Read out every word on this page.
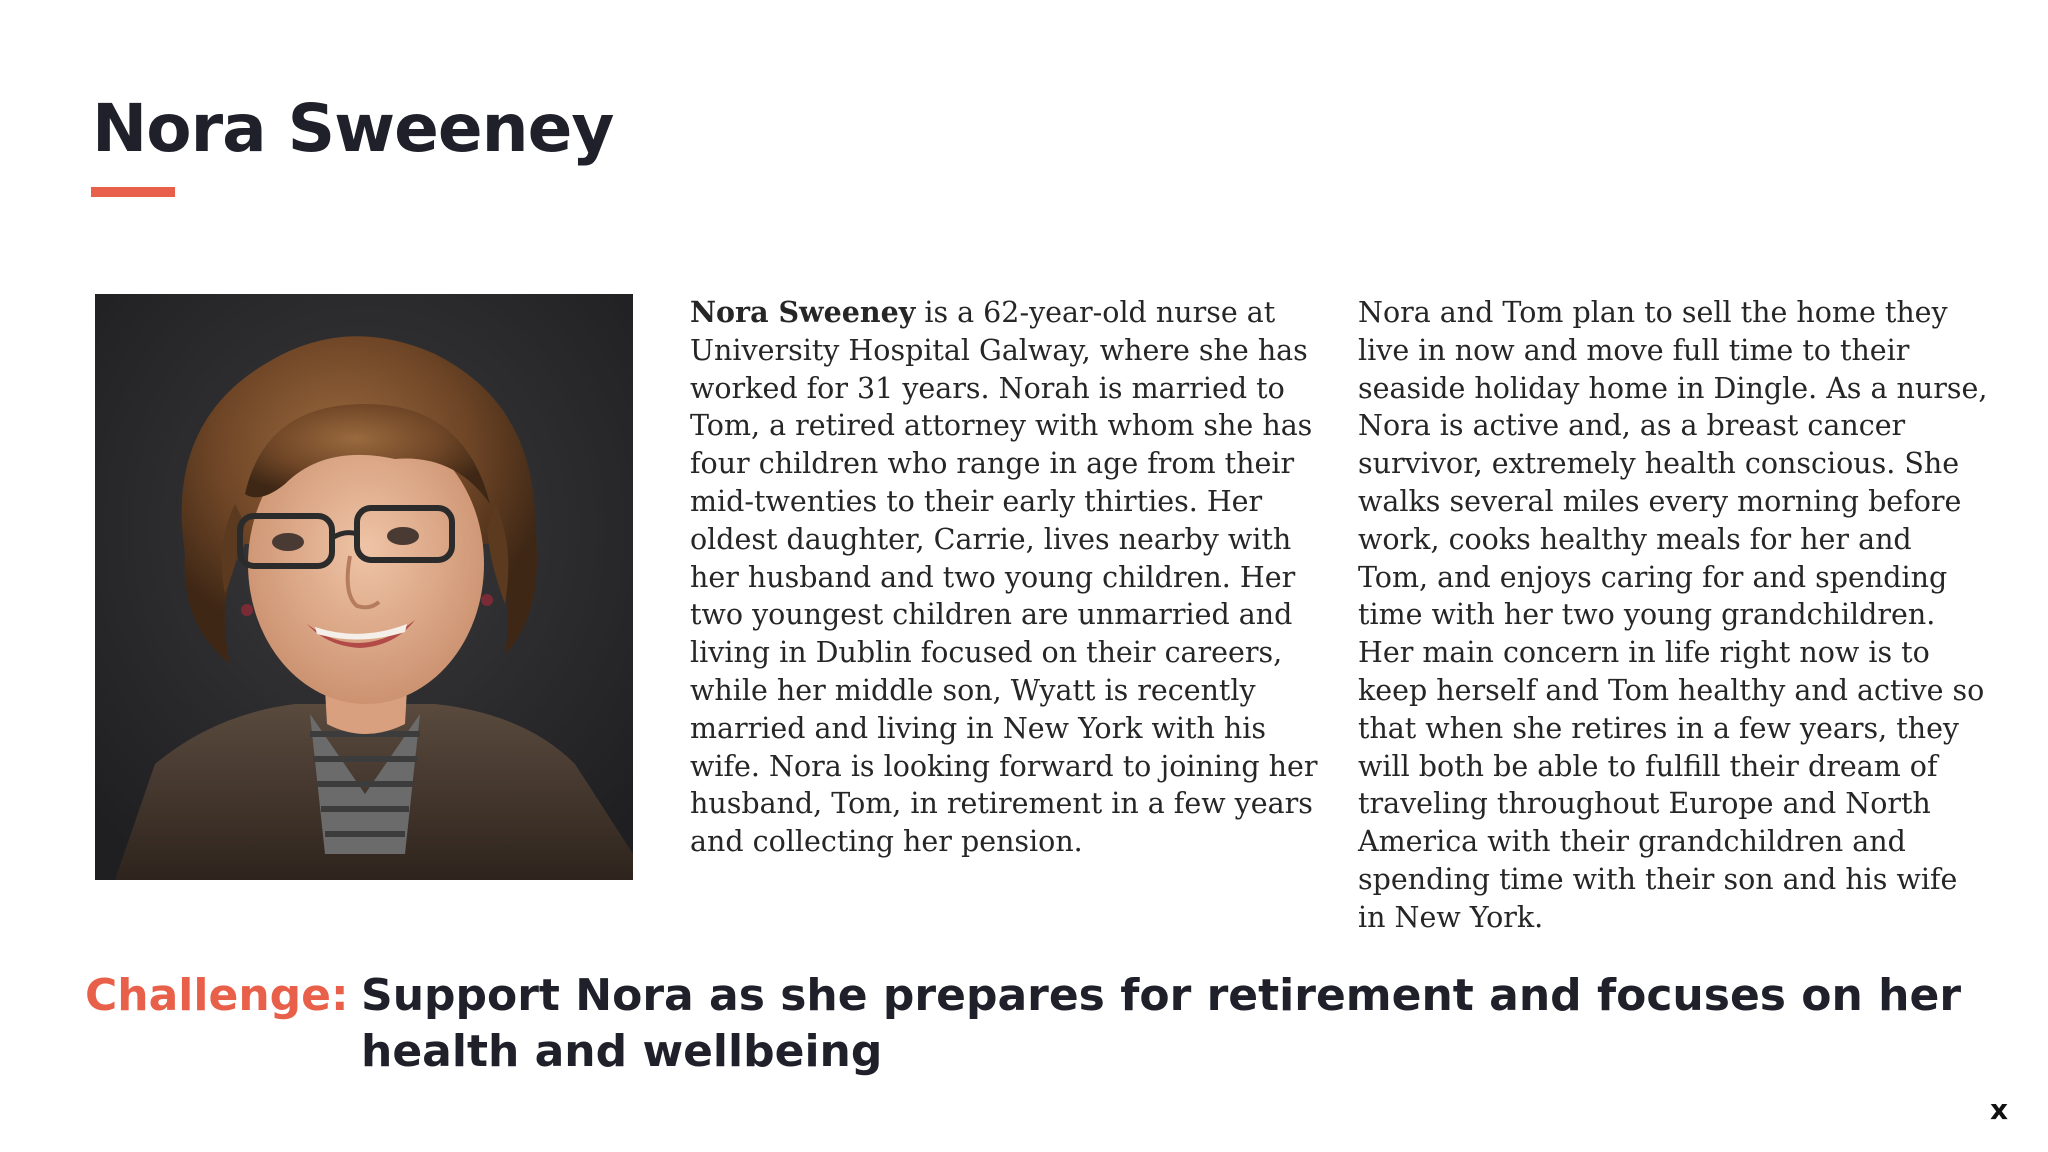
Nora Sweeney
Nora Sweeney is a 62-year-old nurse at
University Hospital Galway, where she has
worked for 31 years. Norah is married to
Tom, a retired attorney with whom she has
four children who range in age from their
mid-twenties to their early thirties. Her
oldest daughter, Carrie, lives nearby with
her husband and two young children. Her
two youngest children are unmarried and
living in Dublin focused on their careers,
while her middle son, Wyatt is recently
married and living in New York with his
wife. Nora is looking forward to joining her
husband, Tom, in retirement in a few years
and collecting her pension.
Nora and Tom plan to sell the home they
live in now and move full time to their
seaside holiday home in Dingle. As a nurse,
Nora is active and, as a breast cancer
survivor, extremely health conscious. She
walks several miles every morning before
work, cooks healthy meals for her and
Tom, and enjoys caring for and spending
time with her two young grandchildren.
Her main concern in life right now is to
keep herself and Tom healthy and active so
that when she retires in a few years, they
will both be able to fulfill their dream of
traveling throughout Europe and North
America with their grandchildren and
spending time with their son and his wife
in New York.
Challenge: Support Nora as she prepares for retirement and focuses on her
health and wellbeing
x
